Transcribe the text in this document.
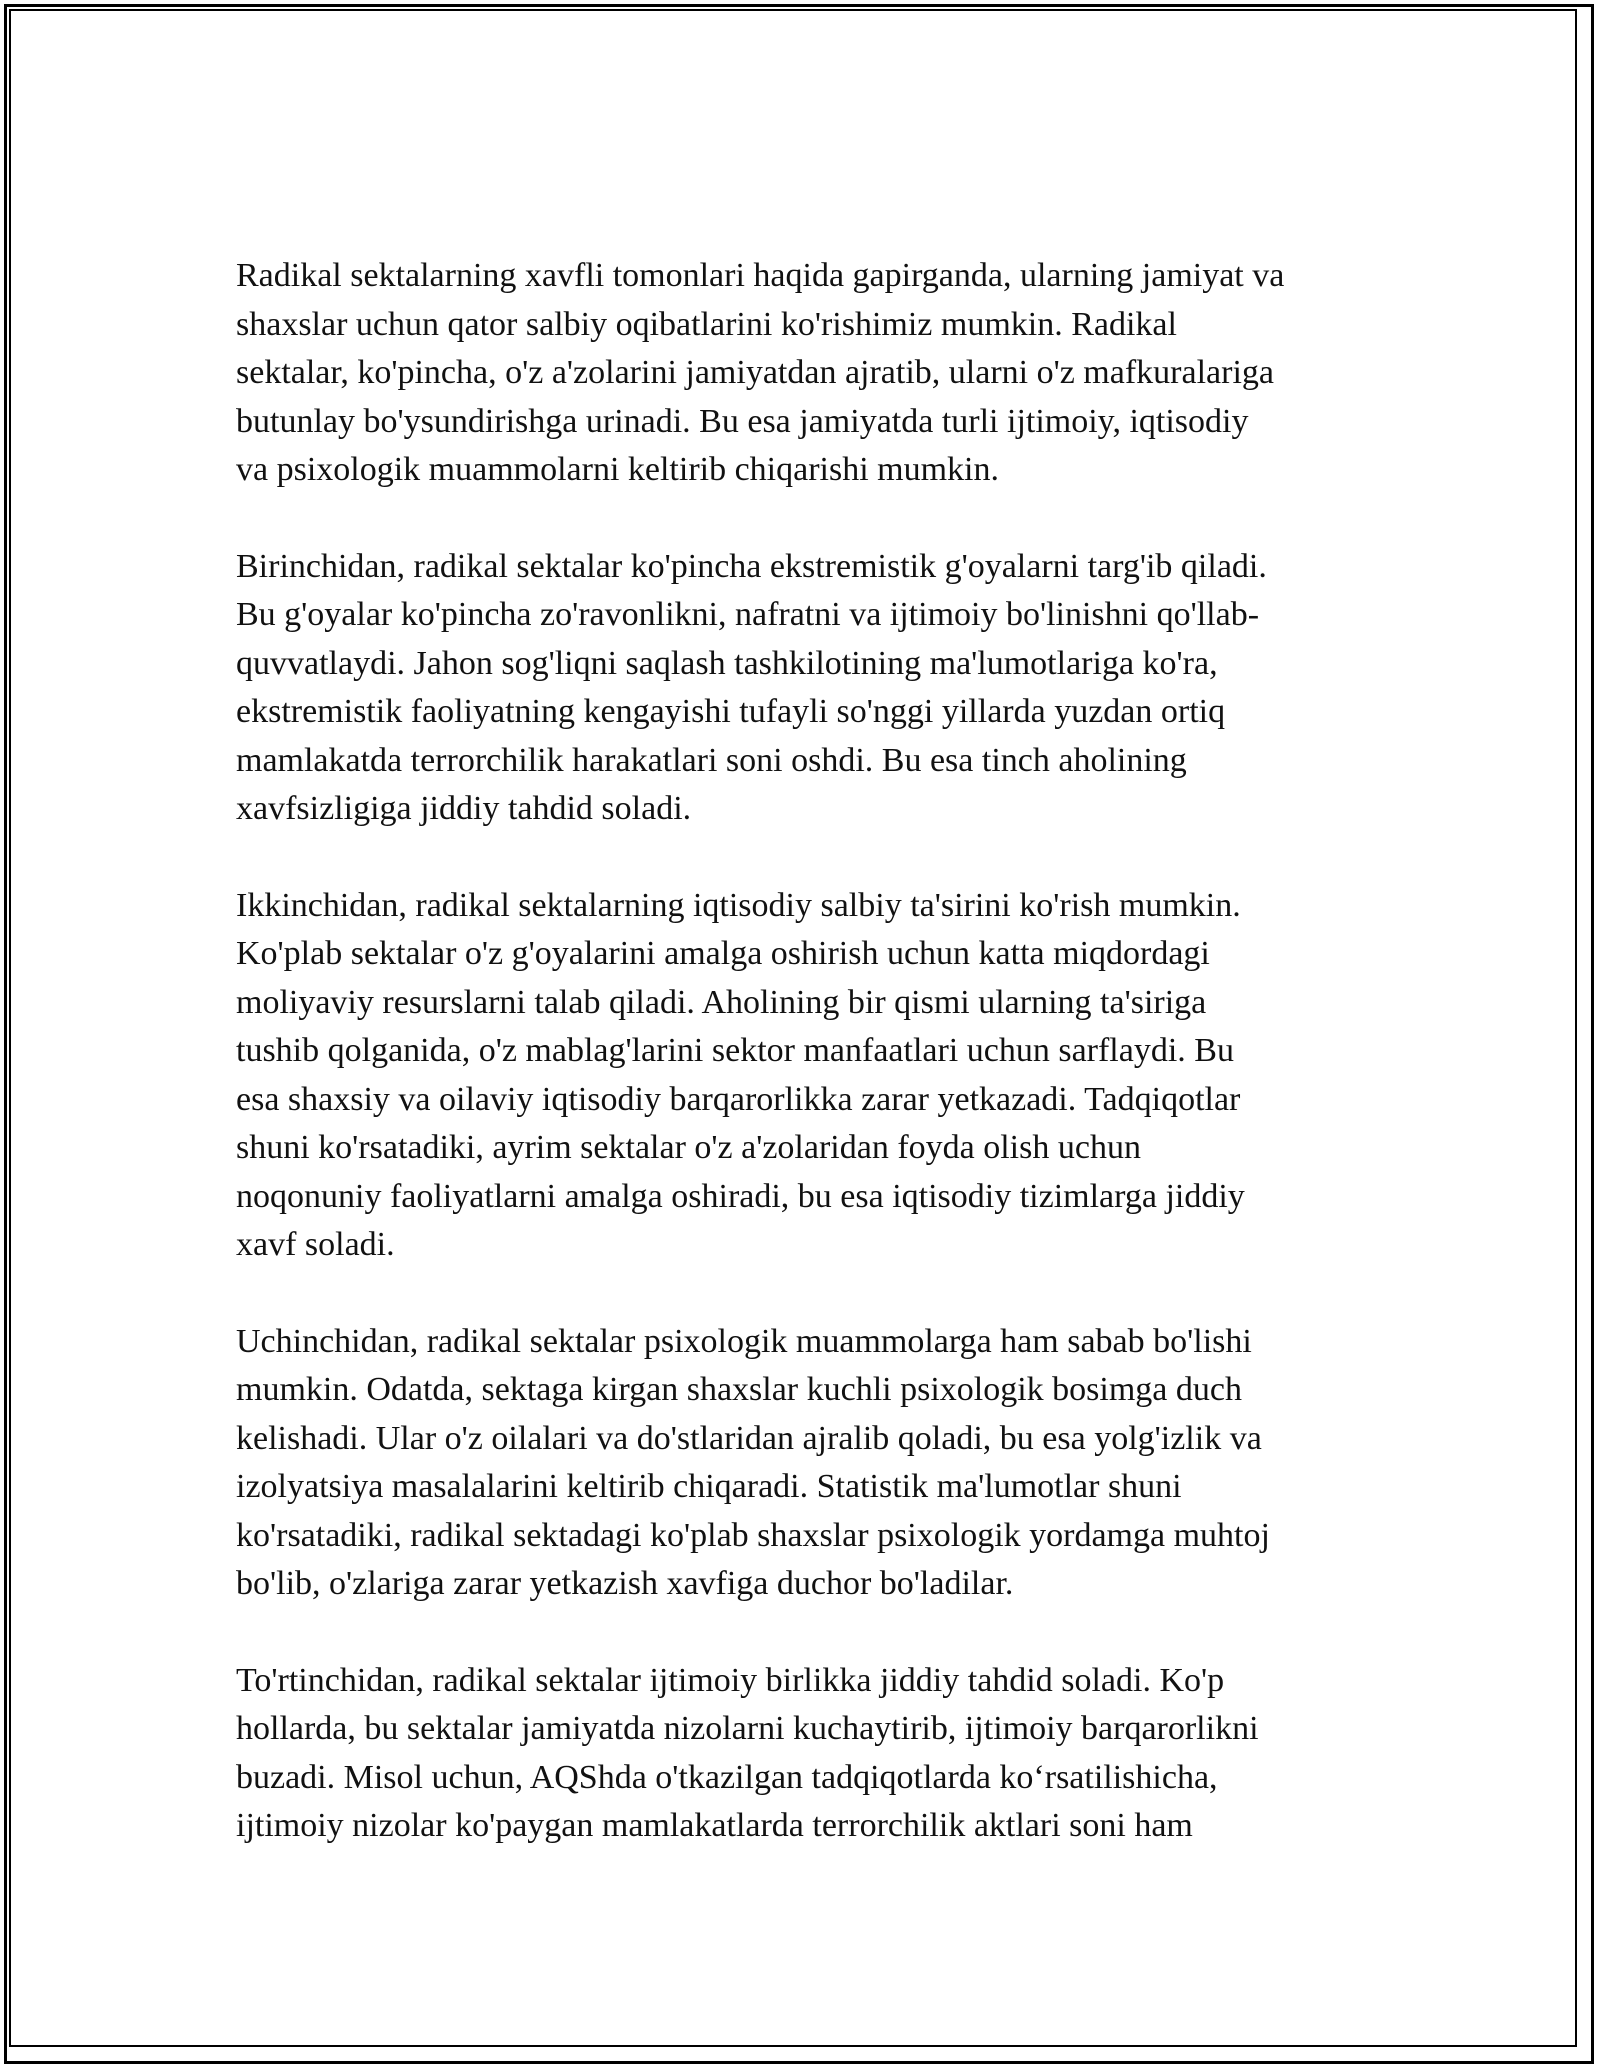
Radikal sektalarning xavfli tomonlari haqida gapirganda, ularning jamiyat va
shaxslar uchun qator salbiy oqibatlarini ko'rishimiz mumkin. Radikal
sektalar, ko'pincha, o'z a'zolarini jamiyatdan ajratib, ularni o'z mafkuralariga
butunlay bo'ysundirishga urinadi. Bu esa jamiyatda turli ijtimoiy, iqtisodiy
va psixologik muammolarni keltirib chiqarishi mumkin.

Birinchidan, radikal sektalar ko'pincha ekstremistik g'oyalarni targ'ib qiladi.
Bu g'oyalar ko'pincha zo'ravonlikni, nafratni va ijtimoiy bo'linishni qo'llab-
quvvatlaydi. Jahon sog'liqni saqlash tashkilotining ma'lumotlariga ko'ra,
ekstremistik faoliyatning kengayishi tufayli so'nggi yillarda yuzdan ortiq
mamlakatda terrorchilik harakatlari soni oshdi. Bu esa tinch aholining
xavfsizligiga jiddiy tahdid soladi.

Ikkinchidan, radikal sektalarning iqtisodiy salbiy ta'sirini ko'rish mumkin.
Ko'plab sektalar o'z g'oyalarini amalga oshirish uchun katta miqdordagi
moliyaviy resurslarni talab qiladi. Aholining bir qismi ularning ta'siriga
tushib qolganida, o'z mablag'larini sektor manfaatlari uchun sarflaydi. Bu
esa shaxsiy va oilaviy iqtisodiy barqarorlikka zarar yetkazadi. Tadqiqotlar
shuni ko'rsatadiki, ayrim sektalar o'z a'zolaridan foyda olish uchun
noqonuniy faoliyatlarni amalga oshiradi, bu esa iqtisodiy tizimlarga jiddiy
xavf soladi.

Uchinchidan, radikal sektalar psixologik muammolarga ham sabab bo'lishi
mumkin. Odatda, sektaga kirgan shaxslar kuchli psixologik bosimga duch
kelishadi. Ular o'z oilalari va do'stlaridan ajralib qoladi, bu esa yolg'izlik va
izolyatsiya masalalarini keltirib chiqaradi. Statistik ma'lumotlar shuni
ko'rsatadiki, radikal sektadagi ko'plab shaxslar psixologik yordamga muhtoj
bo'lib, o'zlariga zarar yetkazish xavfiga duchor bo'ladilar.

To'rtinchidan, radikal sektalar ijtimoiy birlikka jiddiy tahdid soladi. Ko'p
hollarda, bu sektalar jamiyatda nizolarni kuchaytirib, ijtimoiy barqarorlikni
buzadi. Misol uchun, AQShda o'tkazilgan tadqiqotlarda ko‘rsatilishicha,
ijtimoiy nizolar ko'paygan mamlakatlarda terrorchilik aktlari soni ham
